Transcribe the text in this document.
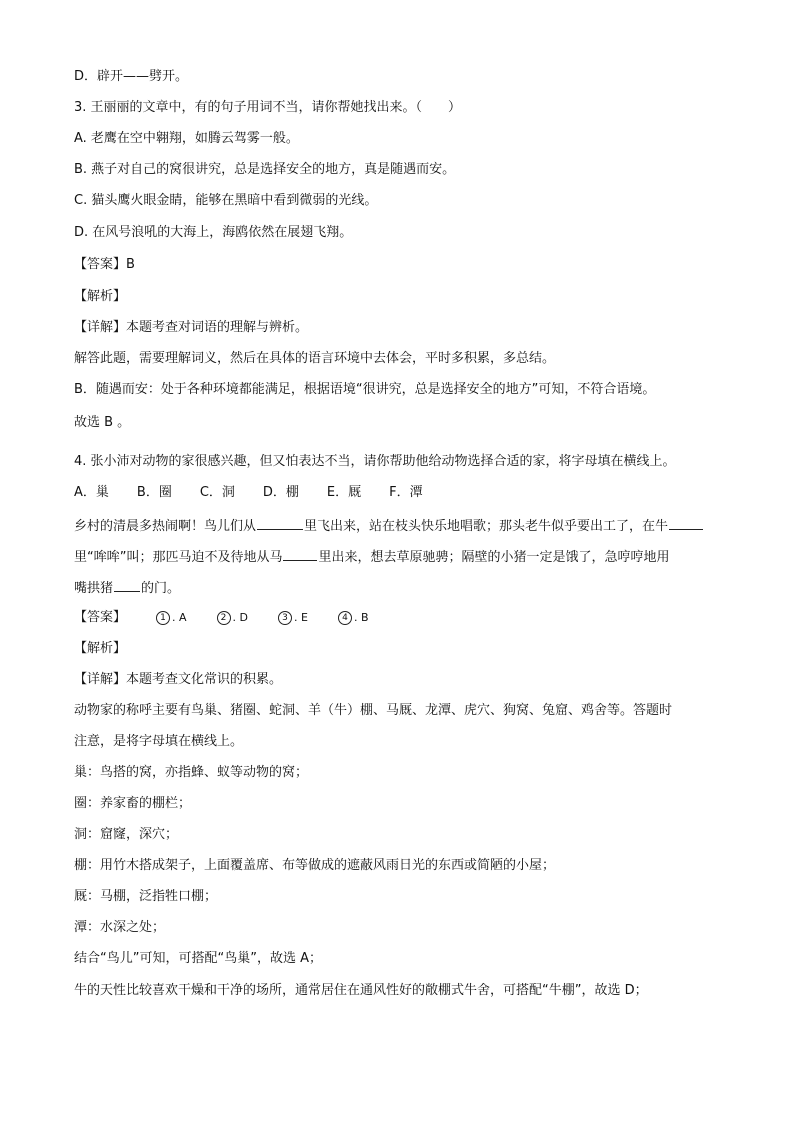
D．辟开——劈开。
3. 王丽丽的文章中，有的句子用词不当，请你帮她找出来。（　　）
A. 老鹰在空中翱翔，如腾云驾雾一般。
B. 燕子对自己的窝很讲究，总是选择安全的地方，真是随遇而安。
C. 猫头鹰火眼金睛，能够在黑暗中看到微弱的光线。
D. 在风号浪吼的大海上，海鸥依然在展翅飞翔。
【答案】B
【解析】
【详解】本题考查对词语的理解与辨析。
解答此题，需要理解词义，然后在具体的语言环境中去体会，平时多积累，多总结。
B．随遇而安：处于各种环境都能满足，根据语境“很讲究，总是选择安全的地方”可知，不符合语境。
故选 B 。
4. 张小沛对动物的家很感兴趣，但又怕表达不当，请你帮助他给动物选择合适的家，将字母填在横线上。
A．巢 B．圈 C．洞 D．棚 E．厩 F．潭
乡村的清晨多热闹啊！鸟儿们从	里飞出来，站在枝头快乐地唱歌；那头老牛似乎要出工了，在牛
里“哞哞”叫；那匹马迫不及待地从马	里出来，想去草原驰骋；隔壁的小猪一定是饿了，急哼哼地用
嘴拱猪 的门。
【答案】	1 . A	2 . D	3 . E	4 . B
【解析】
【详解】本题考查文化常识的积累。
动物家的称呼主要有鸟巢、猪圈、蛇洞、羊（牛）棚、马厩、龙潭、虎穴、狗窝、兔窟、鸡舍等。答题时
注意，是将字母填在横线上。
巢：鸟搭的窝，亦指蜂、蚁等动物的窝；
圈：养家畜的棚栏；
洞：窟窿，深穴；
棚：用竹木搭成架子，上面覆盖席、布等做成的遮蔽风雨日光的东西或简陋的小屋；
厩：马棚，泛指牲口棚；
潭：水深之处；
结合“鸟儿”可知，可搭配“鸟巢”，故选 A；
牛的天性比较喜欢干燥和干净的场所，通常居住在通风性好的敞棚式牛舍，可搭配“牛棚”，故选 D；
